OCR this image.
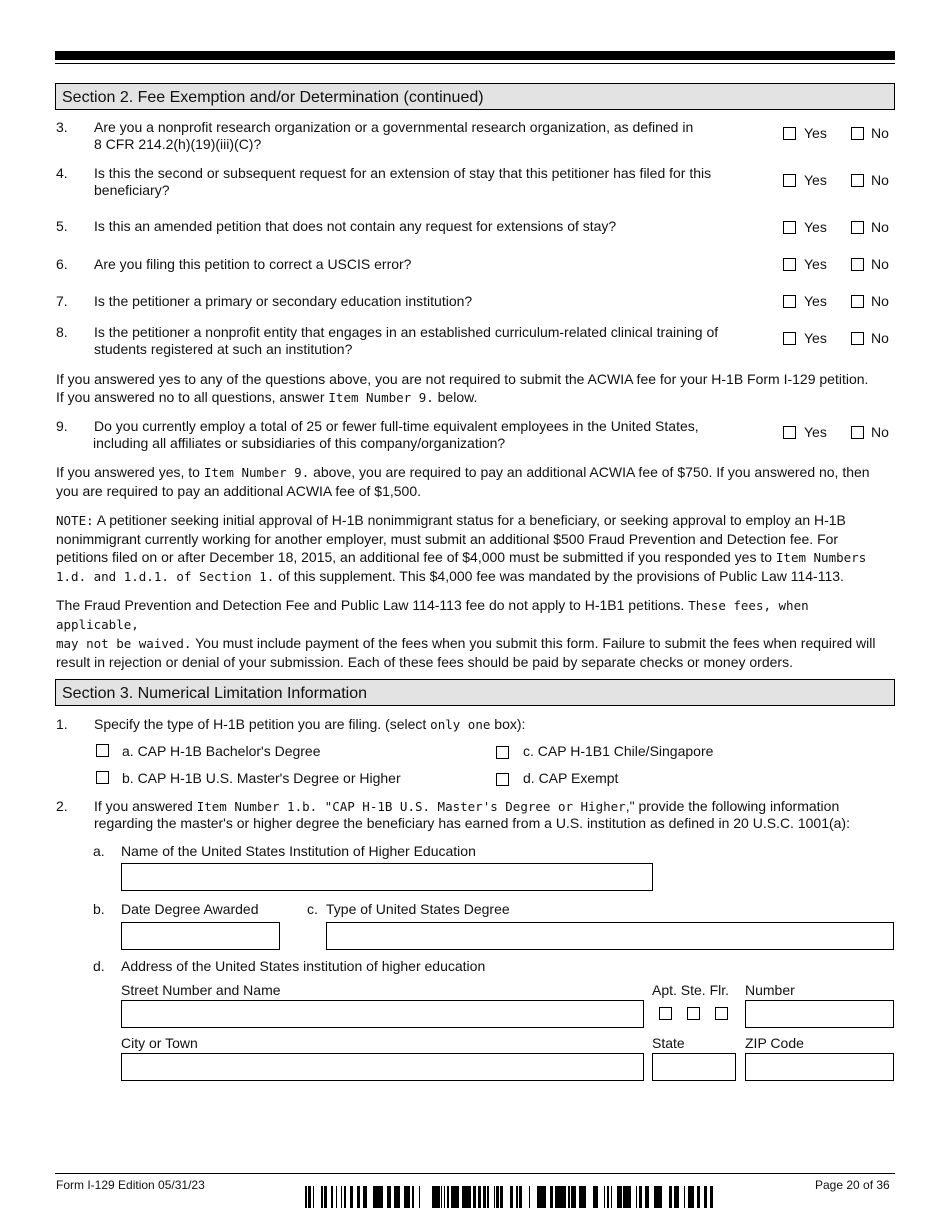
Section 2. Fee Exemption and/or Determination (continued)
3. Are you a nonprofit research organization or a governmental research organization, as defined in
8 CFR 214.2(h)(19)(iii)(C)?
Yes	No
4. Is this the second or subsequent request for an extension of stay that this petitioner has filed for this
beneficiary?
Yes	No
5. Is this an amended petition that does not contain any request for extensions of stay?	Yes	No
6. Are you filing this petition to correct a USCIS error?	Yes	No
7. Is the petitioner a primary or secondary education institution?	Yes	No
8. Is the petitioner a nonprofit entity that engages in an established curriculum-related clinical training of
students registered at such an institution?
Yes	No
If you answered yes to any of the questions above, you are not required to submit the ACWIA fee for your H-1B Form I-129 petition.
If you answered no to all questions, answer Item Number 9. below.
9. Do you currently employ a total of 25 or fewer full-time equivalent employees in the United States,
including all affiliates or subsidiaries of this company/organization?
Yes	No
If you answered yes, to Item Number 9. above, you are required to pay an additional ACWIA fee of $750. If you answered no, then
you are required to pay an additional ACWIA fee of $1,500.
NOTE: A petitioner seeking initial approval of H-1B nonimmigrant status for a beneficiary, or seeking approval to employ an H-1B
nonimmigrant currently working for another employer, must submit an additional $500 Fraud Prevention and Detection fee. For
petitions filed on or after December 18, 2015, an additional fee of $4,000 must be submitted if you responded yes to Item Numbers
1.d. and 1.d.1. of Section 1. of this supplement. This $4,000 fee was mandated by the provisions of Public Law 114-113.
The Fraud Prevention and Detection Fee and Public Law 114-113 fee do not apply to H-1B1 petitions. These fees, when applicable,
may not be waived. You must include payment of the fees when you submit this form. Failure to submit the fees when required will
result in rejection or denial of your submission. Each of these fees should be paid by separate checks or money orders.
Section 3. Numerical Limitation Information
1. Specify the type of H-1B petition you are filing. (select only one box):
a. CAP H-1B Bachelor's Degree	c. CAP H-1B1 Chile/Singapore
b. CAP H-1B U.S. Master's Degree or Higher	d. CAP Exempt
2. If you answered Item Number 1.b. "CAP H-1B U.S. Master's Degree or Higher," provide the following information
regarding the master's or higher degree the beneficiary has earned from a U.S. institution as defined in 20 U.S.C. 1001(a):
a. Name of the United States Institution of Higher Education
b. Date Degree Awarded	c. Type of United States Degree
d. Address of the United States institution of higher education
Street Number and Name	Apt. Ste. Flr. Number
City or Town	State	ZIP Code
Form I-129 Edition 05/31/23	Page 20 of 36
